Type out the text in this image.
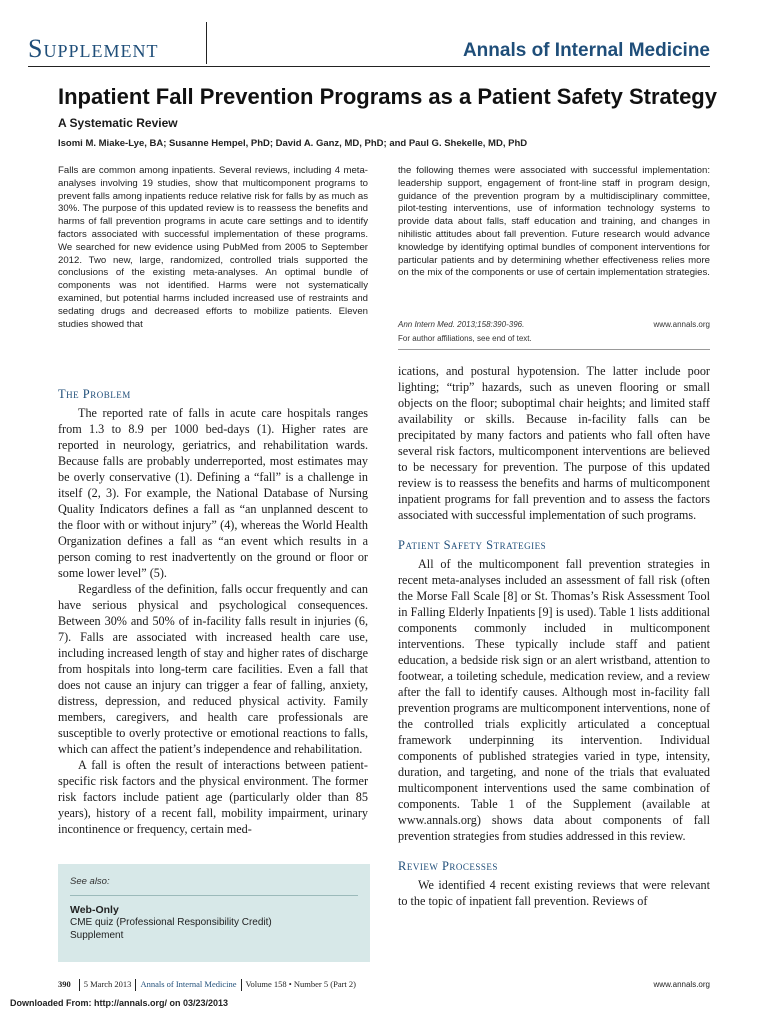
Supplement	Annals of Internal Medicine
Inpatient Fall Prevention Programs as a Patient Safety Strategy
A Systematic Review
Isomi M. Miake-Lye, BA; Susanne Hempel, PhD; David A. Ganz, MD, PhD; and Paul G. Shekelle, MD, PhD

Falls are common among inpatients. Several reviews, including 4 meta-analyses involving 19 studies, show that multicomponent programs to prevent falls among inpatients reduce relative risk for falls by as much as 30%. The purpose of this updated review is to reassess the benefits and harms of fall prevention programs in acute care settings and to identify factors associated with successful implementation of these programs. We searched for new evidence using PubMed from 2005 to September 2012. Two new, large, randomized, controlled trials supported the conclusions of the existing meta-analyses. An optimal bundle of components was not identified. Harms were not systematically examined, but potential harms included increased use of restraints and sedating drugs and decreased efforts to mobilize patients. Eleven studies showed that

the following themes were associated with successful implementation: leadership support, engagement of front-line staff in program design, guidance of the prevention program by a multidisciplinary committee, pilot-testing interventions, use of information technology systems to provide data about falls, staff education and training, and changes in nihilistic attitudes about fall prevention. Future research would advance knowledge by identifying optimal bundles of component interventions for particular patients and by determining whether effectiveness relies more on the mix of the components or use of certain implementation strategies.

Ann Intern Med. 2013;158:390-396.	www.annals.org
For author affiliations, see end of text.
The Problem

The reported rate of falls in acute care hospitals ranges from 1.3 to 8.9 per 1000 bed-days (1). Higher rates are reported in neurology, geriatrics, and rehabilitation wards. Because falls are probably underreported, most estimates may be overly conservative (1). Defining a “fall” is a challenge in itself (2, 3). For example, the National Database of Nursing Quality Indicators defines a fall as “an unplanned descent to the floor with or without injury” (4), whereas the World Health Organization defines a fall as “an event which results in a person coming to rest inadvertently on the ground or floor or some lower level” (5).

Regardless of the definition, falls occur frequently and can have serious physical and psychological consequences. Between 30% and 50% of in-facility falls result in injuries (6, 7). Falls are associated with increased health care use, including increased length of stay and higher rates of discharge from hospitals into long-term care facilities. Even a fall that does not cause an injury can trigger a fear of falling, anxiety, distress, depression, and reduced physical activity. Family members, caregivers, and health care professionals are susceptible to overly protective or emotional reactions to falls, which can affect the patient’s independence and rehabilitation.

A fall is often the result of interactions between patient-specific risk factors and the physical environment. The former risk factors include patient age (particularly older than 85 years), history of a recent fall, mobility impairment, urinary incontinence or frequency, certain med-

ications, and postural hypotension. The latter include poor lighting; “trip” hazards, such as uneven flooring or small objects on the floor; suboptimal chair heights; and limited staff availability or skills. Because in-facility falls can be precipitated by many factors and patients who fall often have several risk factors, multicomponent interventions are believed to be necessary for prevention. The purpose of this updated review is to reassess the benefits and harms of multicomponent inpatient programs for fall prevention and to assess the factors associated with successful implementation of such programs.

Patient Safety Strategies

All of the multicomponent fall prevention strategies in recent meta-analyses included an assessment of fall risk (often the Morse Fall Scale [8] or St. Thomas’s Risk Assessment Tool in Falling Elderly Inpatients [9] is used). Table 1 lists additional components commonly included in multicomponent interventions. These typically include staff and patient education, a bedside risk sign or an alert wristband, attention to footwear, a toileting schedule, medication review, and a review after the fall to identify causes. Although most in-facility fall prevention programs are multicomponent interventions, none of the controlled trials explicitly articulated a conceptual framework underpinning its intervention. Individual components of published strategies varied in type, intensity, duration, and targeting, and none of the trials that evaluated multicomponent interventions used the same combination of components. Table 1 of the Supplement (available at www.annals.org) shows data about components of fall prevention strategies from studies addressed in this review.

Review Processes

We identified 4 recent existing reviews that were relevant to the topic of inpatient fall prevention. Reviews of

See also:
Web-Only
CME quiz (Professional Responsibility Credit)
Supplement
390 5 March 2013 Annals of Internal Medicine Volume 158 • Number 5 (Part 2)	www.annals.org
Downloaded From: http://annals.org/ on 03/23/2013
